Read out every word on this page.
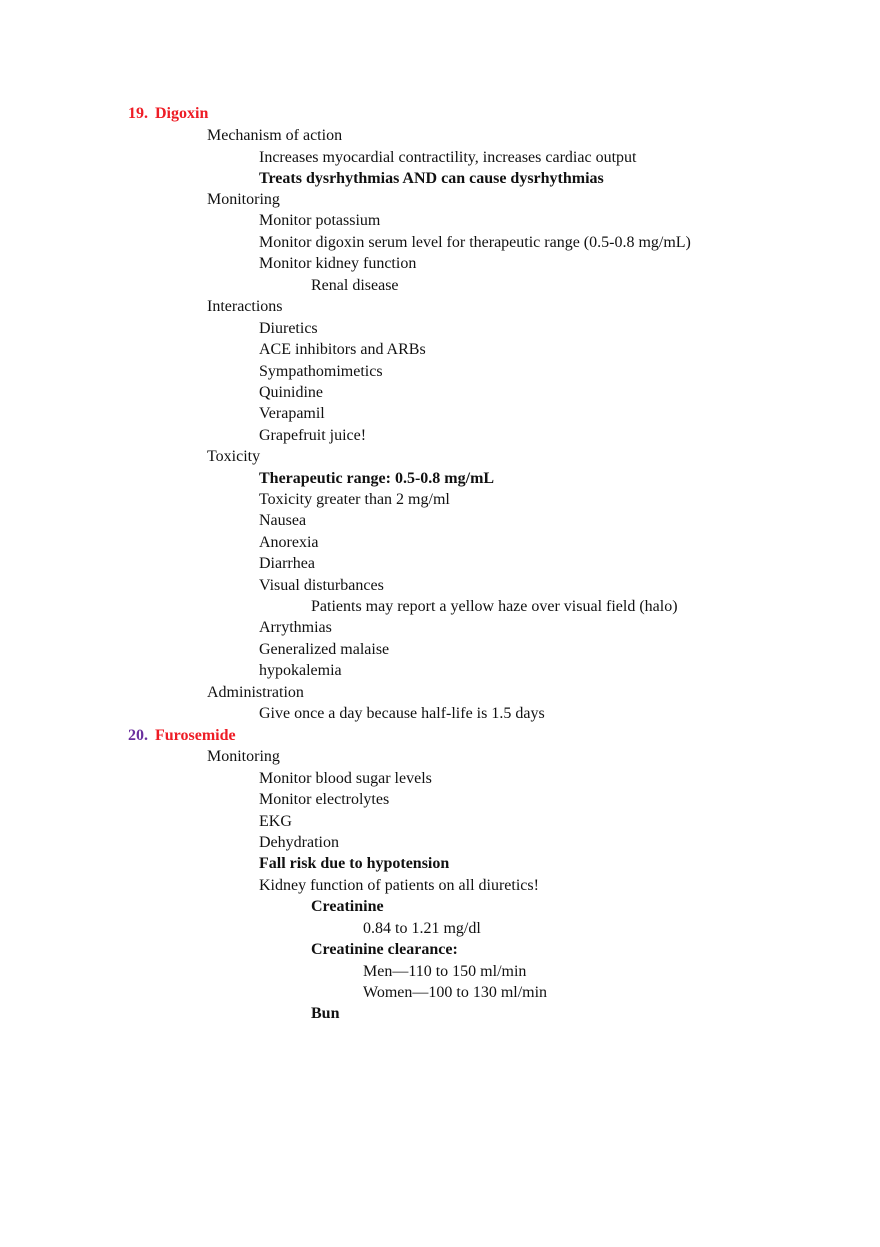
19. Digoxin
Mechanism of action
Increases myocardial contractility, increases cardiac output
Treats dysrhythmias AND can cause dysrhythmias
Monitoring
Monitor potassium
Monitor digoxin serum level for therapeutic range (0.5-0.8 mg/mL)
Monitor kidney function
Renal disease
Interactions
Diuretics
ACE inhibitors and ARBs
Sympathomimetics
Quinidine
Verapamil
Grapefruit juice!
Toxicity
Therapeutic range: 0.5-0.8 mg/mL
Toxicity greater than 2 mg/ml
Nausea
Anorexia
Diarrhea
Visual disturbances
Patients may report a yellow haze over visual field (halo)
Arrythmias
Generalized malaise
hypokalemia
Administration
Give once a day because half-life is 1.5 days
20. Furosemide
Monitoring
Monitor blood sugar levels
Monitor electrolytes
EKG
Dehydration
Fall risk due to hypotension
Kidney function of patients on all diuretics!
Creatinine
0.84 to 1.21 mg/dl
Creatinine clearance:
Men—110 to 150 ml/min
Women—100 to 130 ml/min
Bun
